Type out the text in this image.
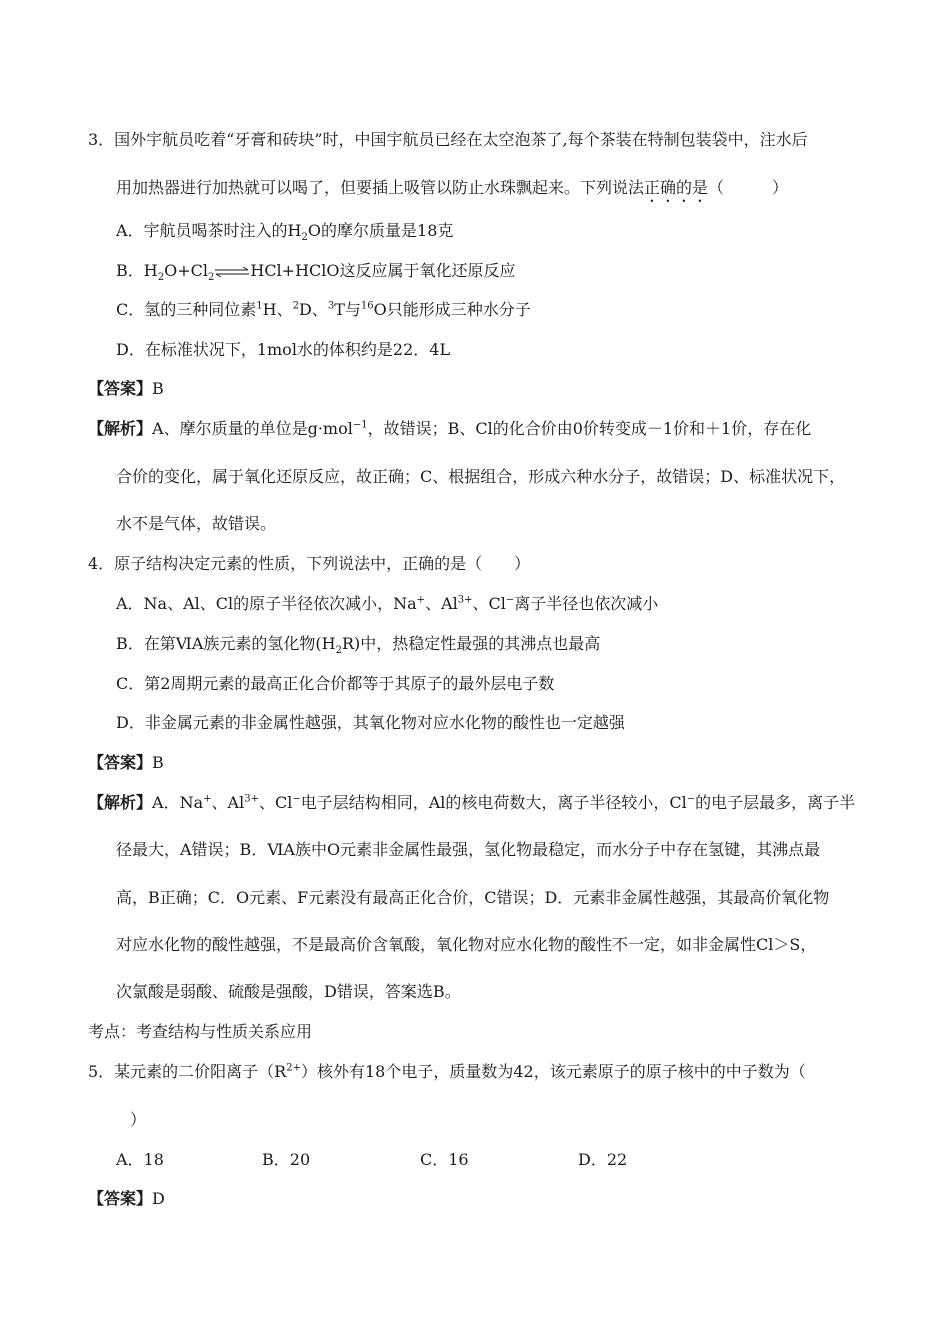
3．国外宇航员吃着“牙膏和砖块”时，中国宇航员已经在太空泡茶了,每个茶装在特制包装袋中，注水后
用加热器进行加热就可以喝了，但要插上吸管以防止水珠飘起来。下列说法正确的是（　　　）
A．宇航员喝茶时注入的$H_2O$的摩尔质量是18克
B．$H_2O+Cl_2$ ⇌HCl+HClO这反应属于氧化还原反应
C．氢的三种同位素$^1$H、$^2$D、$^3$T与$^{16}$O只能形成三种水分子
D．在标准状况下，1mol水的体积约是22．4L
【答案】B
【解析】A、摩尔质量的单位是g·mol$^{-1}$，故错误；B、Cl的化合价由0价转变成－1价和＋1价，存在化
合价的变化，属于氧化还原反应，故正确；C、根据组合，形成六种水分子，故错误；D、标准状况下，
水不是气体，故错误。
4．原子结构决定元素的性质，下列说法中，正确的是（　　）
A．Na、Al、Cl的原子半径依次减小，Na+、$Al^{3+}$、Cl−离子半径也依次减小
B．在第ⅥA族元素的氢化物$(H_2R)$中，热稳定性最强的其沸点也最高
C．第2周期元素的最高正化合价都等于其原子的最外层电子数
D．非金属元素的非金属性越强，其氧化物对应水化物的酸性也一定越强
【答案】B
【解析】A．Na+、$Al^{3+}$、Cl−电子层结构相同，Al的核电荷数大，离子半径较小，Cl−的电子层最多，离子半
径最大，A错误；B．ⅥA族中O元素非金属性最强，氢化物最稳定，而水分子中存在氢键，其沸点最
高，B正确；C．O元素、F元素没有最高正化合价，C错误；D．元素非金属性越强，其最高价氧化物
对应水化物的酸性越强，不是最高价含氧酸，氧化物对应水化物的酸性不一定，如非金属性Cl＞S，
次氯酸是弱酸、硫酸是强酸，D错误，答案选B。
考点：考查结构与性质关系应用
5．某元素的二价阳离子$(R^{2+})$核外有18个电子，质量数为42，该元素原子的原子核中的中子数为（
）
A．18	B．20	C．16	D．22
【答案】D
